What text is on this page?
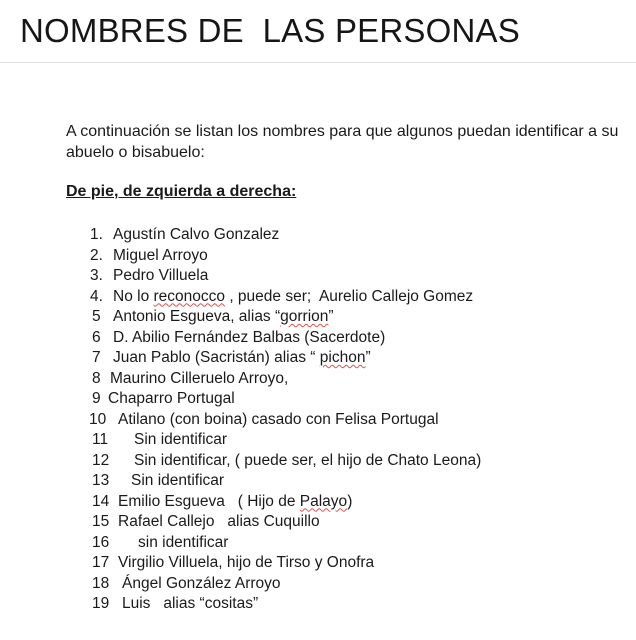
NOMBRES DE  LAS PERSONAS
A continuación se listan los nombres para que algunos puedan identificar a su abuelo o bisabuelo:
De pie, de zquierda a derecha:
1. Agustín Calvo Gonzalez
2. Miguel Arroyo
3. Pedro Villuela
4. No lo reconocco , puede ser;  Aurelio Callejo Gomez
5 Antonio Esgueva, alias “gorrion”
6 D. Abilio Fernández Balbas (Sacerdote)
7 Juan Pablo (Sacristán) alias “ pichon”
8 Maurino Cilleruelo Arroyo,
9 Chaparro Portugal
10 Atilano (con boina) casado con Felisa Portugal
11 Sin identificar
12 Sin identificar, ( puede ser, el hijo de Chato Leona)
13 Sin identificar
14 Emilio Esgueva   ( Hijo de Palayo)
15 Rafael Callejo   alias Cuquillo
16 sin identificar
17 Virgilio Villuela, hijo de Tirso y Onofra
18 Ángel González Arroyo
19 Luis   alias “cositas”
